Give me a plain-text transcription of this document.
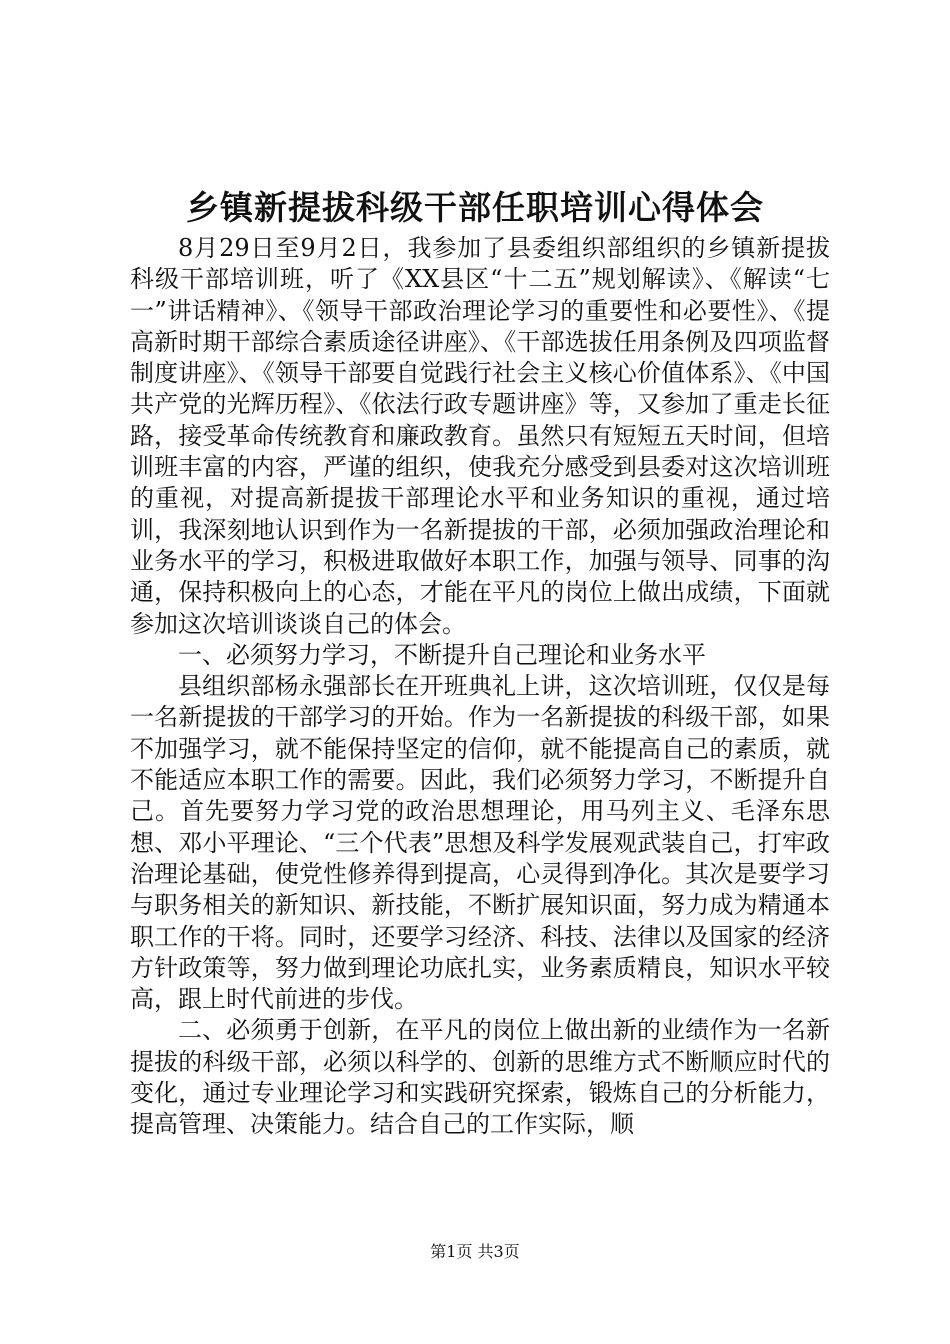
乡镇新提拔科级干部任职培训心得体会

8月29日至9月2日，我参加了县委组织部组织的乡镇新提拔科级干部培训班，听了《XX县区“十二五”规划解读》、《解读“七一”讲话精神》、《领导干部政治理论学习的重要性和必要性》、《提高新时期干部综合素质途径讲座》、《干部选拔任用条例及四项监督制度讲座》、《领导干部要自觉践行社会主义核心价值体系》、《中国共产党的光辉历程》、《依法行政专题讲座》等，又参加了重走长征路，接受革命传统教育和廉政教育。虽然只有短短五天时间，但培训班丰富的内容，严谨的组织，使我充分感受到县委对这次培训班的重视，对提高新提拔干部理论水平和业务知识的重视，通过培训，我深刻地认识到作为一名新提拔的干部，必须加强政治理论和业务水平的学习，积极进取做好本职工作，加强与领导、同事的沟通，保持积极向上的心态，才能在平凡的岗位上做出成绩，下面就参加这次培训谈谈自己的体会。

一、必须努力学习，不断提升自己理论和业务水平

县组织部杨永强部长在开班典礼上讲，这次培训班，仅仅是每一名新提拔的干部学习的开始。作为一名新提拔的科级干部，如果不加强学习，就不能保持坚定的信仰，就不能提高自己的素质，就不能适应本职工作的需要。因此，我们必须努力学习，不断提升自己。首先要努力学习党的政治思想理论，用马列主义、毛泽东思想、邓小平理论、“三个代表”思想及科学发展观武装自己，打牢政治理论基础，使党性修养得到提高，心灵得到净化。其次是要学习与职务相关的新知识、新技能，不断扩展知识面，努力成为精通本职工作的干将。同时，还要学习经济、科技、法律以及国家的经济方针政策等，努力做到理论功底扎实，业务素质精良，知识水平较高，跟上时代前进的步伐。

二、必须勇于创新，在平凡的岗位上做出新的业绩作为一名新提拔的科级干部，必须以科学的、创新的思维方式不断顺应时代的变化，通过专业理论学习和实践研究探索，锻炼自己的分析能力，提高管理、决策能力。结合自己的工作实际，顺

第1页 共3页
